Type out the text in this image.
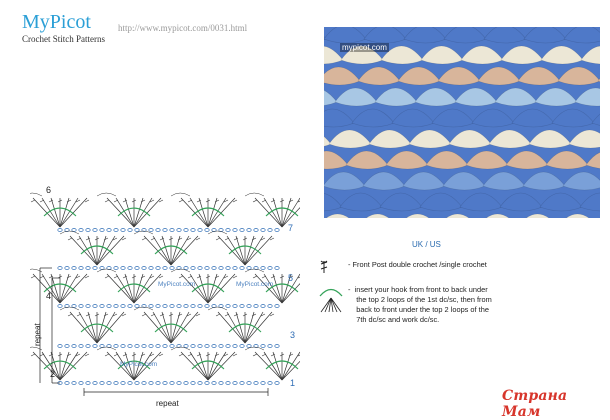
MyPicot	http://www.mypicot.com/0031.html
Crochet Stitch Patterns
mypicot.com
1
2
3
4
5
6
7
repeat
repeat
MyPicot.com	MyPicot.com
MyPicot.com
UK / US
- Front Post double crochet /single crochet
-  insert your hook from front to back under
the top 2 loops of the 1st dc/sc, then from
back to front under the top 2 loops of the
7th dc/sc and work dc/sc.
Страна Мам
